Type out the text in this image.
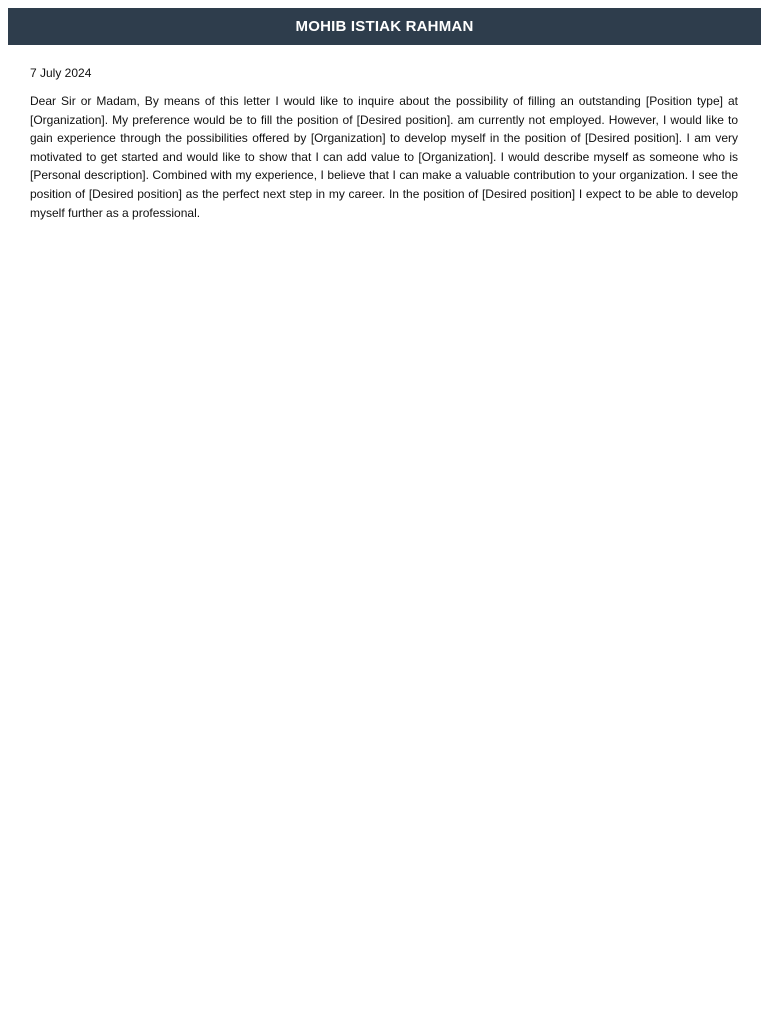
MOHIB ISTIAK RAHMAN

7 July 2024

Dear Sir or Madam, By means of this letter I would like to inquire about the possibility of filling an outstanding [Position type] at [Organization]. My preference would be to fill the position of [Desired position]. am currently not employed. However, I would like to gain experience through the possibilities offered by [Organization] to develop myself in the position of [Desired position]. I am very motivated to get started and would like to show that I can add value to [Organization]. I would describe myself as someone who is [Personal description]. Combined with my experience, I believe that I can make a valuable contribution to your organization. I see the position of [Desired position] as the perfect next step in my career. In the position of [Desired position] I expect to be able to develop myself further as a professional.
